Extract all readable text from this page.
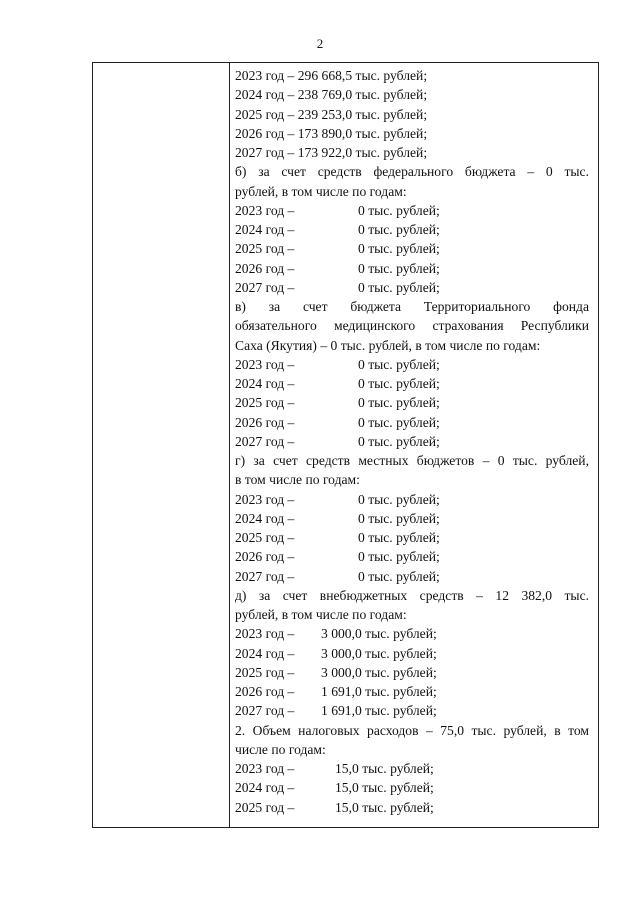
2
2023 год – 296 668,5 тыс. рублей;
2024 год – 238 769,0 тыс. рублей;
2025 год – 239 253,0 тыс. рублей;
2026 год – 173 890,0 тыс. рублей;
2027 год – 173 922,0 тыс. рублей;
б) за счет средств федерального бюджета – 0 тыс.
рублей, в том числе по годам:
2023 год –	0 тыс. рублей;
2024 год –	0 тыс. рублей;
2025 год –	0 тыс. рублей;
2026 год –	0 тыс. рублей;
2027 год –	0 тыс. рублей;
в) за счет бюджета Территориального фонда
обязательного медицинского страхования Республики
Саха (Якутия) – 0 тыс. рублей, в том числе по годам:
2023 год –	0 тыс. рублей;
2024 год –	0 тыс. рублей;
2025 год –	0 тыс. рублей;
2026 год –	0 тыс. рублей;
2027 год –	0 тыс. рублей;
г) за счет средств местных бюджетов – 0 тыс. рублей,
в том числе по годам:
2023 год –	0 тыс. рублей;
2024 год –	0 тыс. рублей;
2025 год –	0 тыс. рублей;
2026 год –	0 тыс. рублей;
2027 год –	0 тыс. рублей;
д) за счет внебюджетных средств – 12 382,0 тыс.
рублей, в том числе по годам:
2023 год –	3 000,0 тыс. рублей;
2024 год –	3 000,0 тыс. рублей;
2025 год –	3 000,0 тыс. рублей;
2026 год –	1 691,0 тыс. рублей;
2027 год –	1 691,0 тыс. рублей;
2. Объем налоговых расходов – 75,0 тыс. рублей, в том
числе по годам:
2023 год –	15,0 тыс. рублей;
2024 год –	15,0 тыс. рублей;
2025 год –	15,0 тыс. рублей;
